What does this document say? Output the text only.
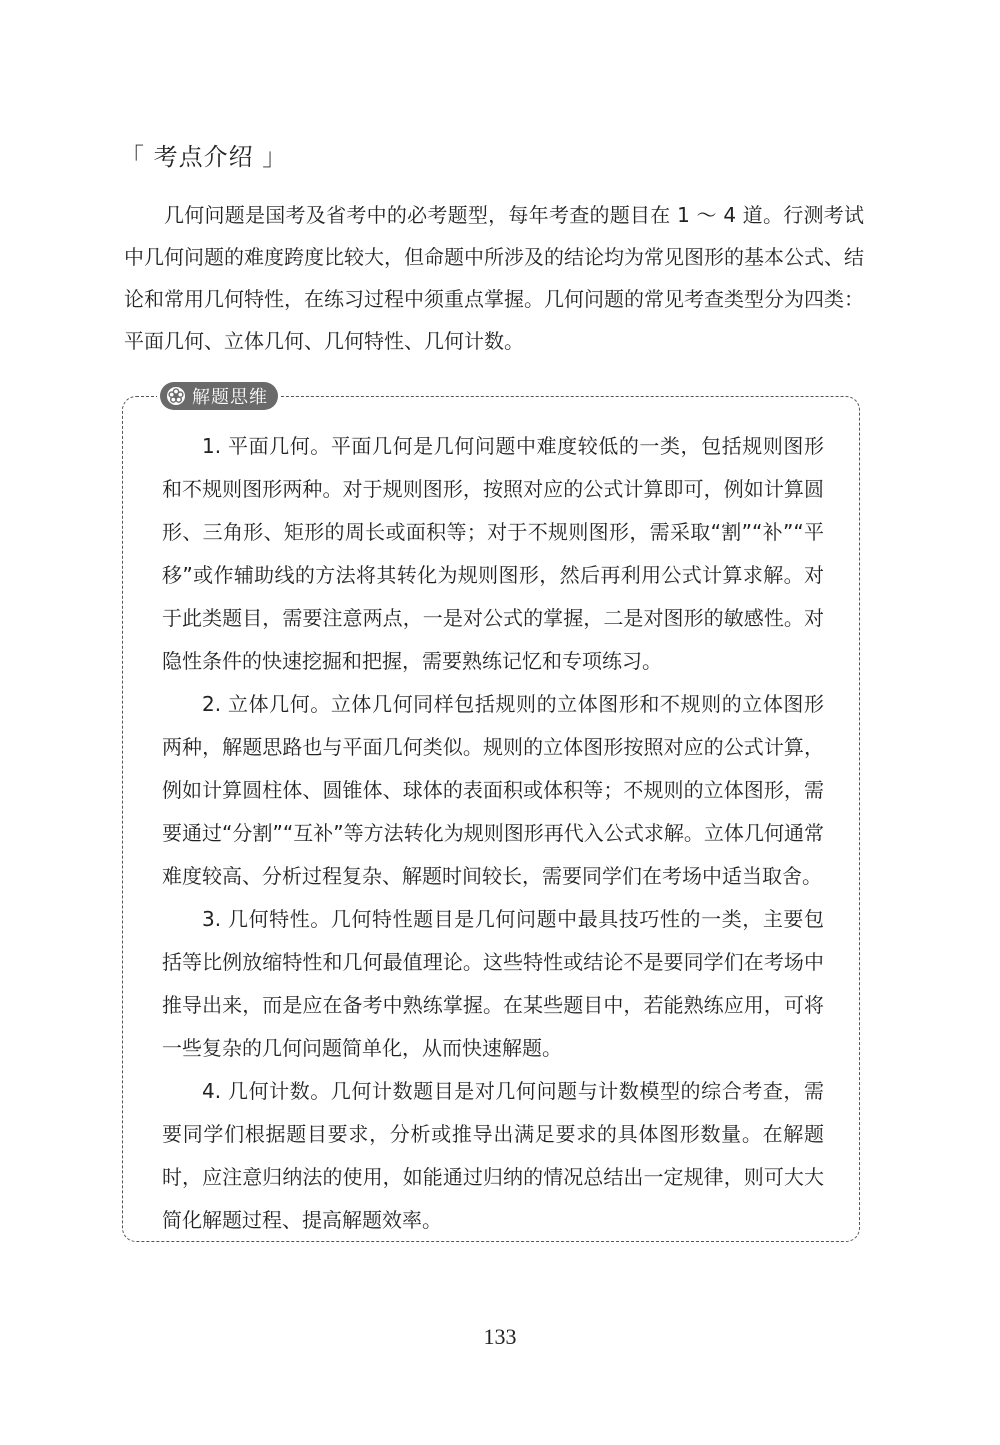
「 考点介绍 」

几何问题是国考及省考中的必考题型，每年考查的题目在 1 ～ 4 道。行测考试中几何问题的难度跨度比较大，但命题中所涉及的结论均为常见图形的基本公式、结论和常用几何特性，在练习过程中须重点掌握。几何问题的常见考查类型分为四类：平面几何、立体几何、几何特性、几何计数。

解题思维

1. 平面几何。平面几何是几何问题中难度较低的一类，包括规则图形和不规则图形两种。对于规则图形，按照对应的公式计算即可，例如计算圆形、三角形、矩形的周长或面积等；对于不规则图形，需采取“割”“补”“平移”或作辅助线的方法将其转化为规则图形，然后再利用公式计算求解。对于此类题目，需要注意两点，一是对公式的掌握，二是对图形的敏感性。对隐性条件的快速挖掘和把握，需要熟练记忆和专项练习。

2. 立体几何。立体几何同样包括规则的立体图形和不规则的立体图形两种，解题思路也与平面几何类似。规则的立体图形按照对应的公式计算，例如计算圆柱体、圆锥体、球体的表面积或体积等；不规则的立体图形，需要通过“分割”“互补”等方法转化为规则图形再代入公式求解。立体几何通常难度较高、分析过程复杂、解题时间较长，需要同学们在考场中适当取舍。

3. 几何特性。几何特性题目是几何问题中最具技巧性的一类，主要包括等比例放缩特性和几何最值理论。这些特性或结论不是要同学们在考场中推导出来，而是应在备考中熟练掌握。在某些题目中，若能熟练应用，可将一些复杂的几何问题简单化，从而快速解题。

4. 几何计数。几何计数题目是对几何问题与计数模型的综合考查，需要同学们根据题目要求，分析或推导出满足要求的具体图形数量。在解题时，应注意归纳法的使用，如能通过归纳的情况总结出一定规律，则可大大简化解题过程、提高解题效率。

133
